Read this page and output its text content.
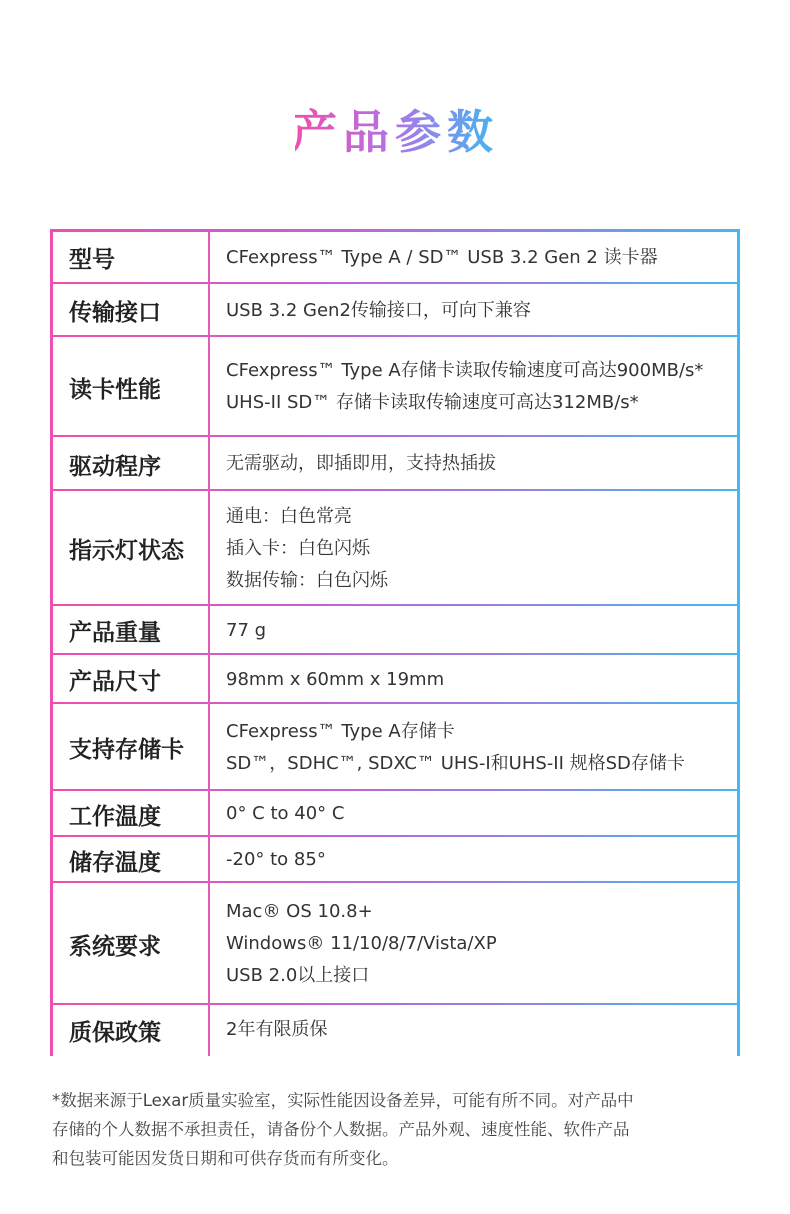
产品参数
型号	CFexpress™ Type A / SD™ USB 3.2 Gen 2 读卡器

传输接口	USB 3.2 Gen2传输接口，可向下兼容

读卡性能	CFexpress™ Type A存储卡读取传输速度可高达900MB/s*
UHS-II SD™ 存储卡读取传输速度可高达312MB/s*

驱动程序	无需驱动，即插即用，支持热插拔

指示灯状态	通电：白色常亮
插入卡：白色闪烁
数据传输：白色闪烁

产品重量	77 g

产品尺寸	98mm x 60mm x 19mm

支持存储卡	CFexpress™ Type A存储卡
SD™，SDHC™, SDXC™ UHS-I和UHS-II 规格SD存储卡

工作温度	0° C to 40° C

储存温度	-20° to 85°

系统要求	Mac® OS 10.8+
Windows® 11/10/8/7/Vista/XP
USB 2.0以上接口

质保政策	2年有限质保
*数据来源于Lexar质量实验室，实际性能因设备差异，可能有所不同。对产品中
存储的个人数据不承担责任，请备份个人数据。产品外观、速度性能、软件产品
和包装可能因发货日期和可供存货而有所变化。
